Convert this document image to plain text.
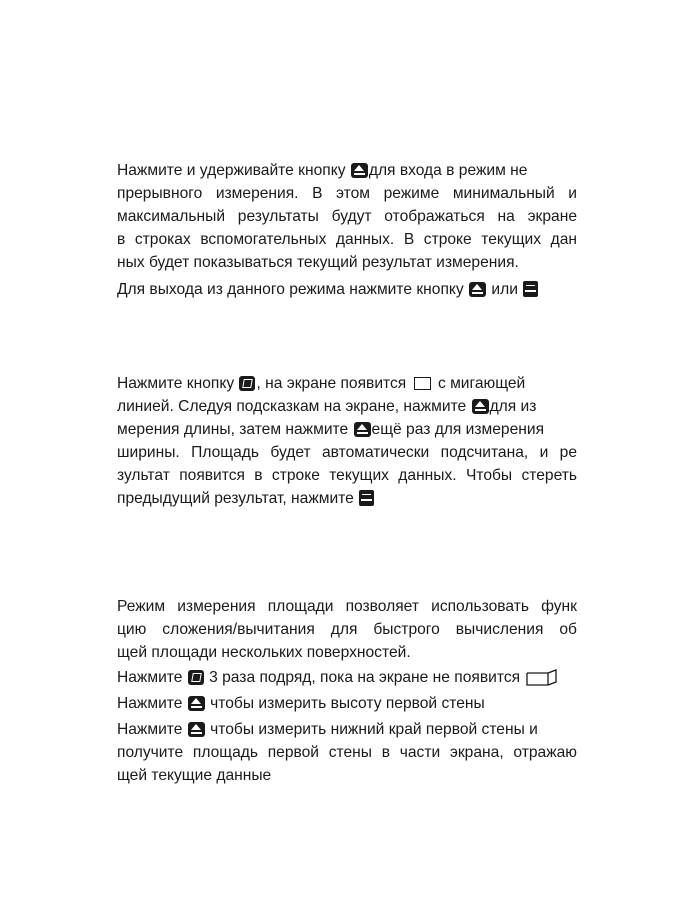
Нажмите и удерживайте кнопку для входа в режим не
прерывного измерения. В этом режиме минимальный и
максимальный результаты будут отображаться на экране
в строках вспомогательных данных. В строке текущих дан
ных будет показываться текущий результат измерения.
Для выхода из данного режима нажмите кнопку или
Нажмите кнопку , на экране появится с мигающей
линией. Следуя подсказкам на экране, нажмите для из
мерения длины, затем нажмите ещё раз для измерения
ширины. Площадь будет автоматически подсчитана, и ре
зультат появится в строке текущих данных. Чтобы стереть
предыдущий результат, нажмите
Режим измерения площади позволяет использовать функ
цию сложения/вычитания для быстрого вычисления об
щей площади нескольких поверхностей.
Нажмите 3 раза подряд, пока на экране не появится
Нажмите чтобы измерить высоту первой стены
Нажмите чтобы измерить нижний край первой стены и
получите площадь первой стены в части экрана, отражаю
щей текущие данные
